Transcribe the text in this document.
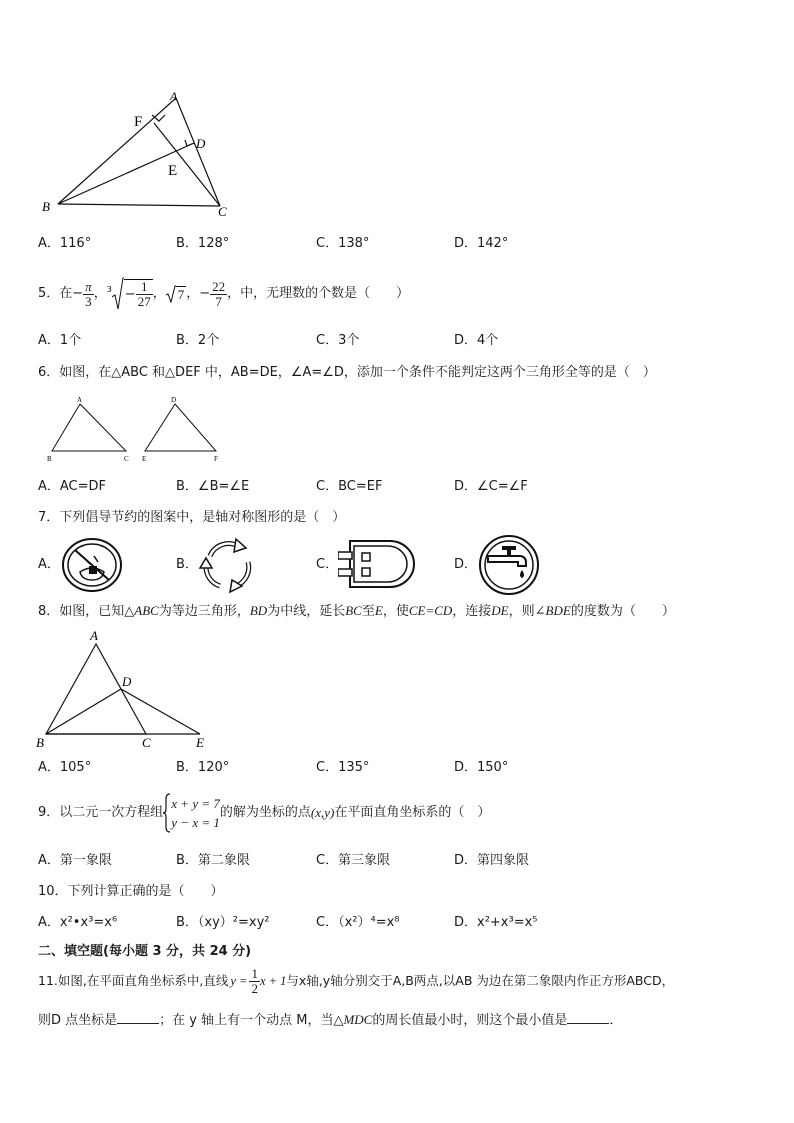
A
F
D
E
B	C
A．116°	B．128°	C．138°	D．142°
5．在− $\frac{\pi}{3}$ ， $3 - \frac{1}{27}$ ， 7 ，− $\frac{22}{7}$ ，中，无理数的个数是（　　）
A．1个	B．2个	C．3个	D．4个
6．如图，在△ABC 和△DEF 中，AB=DE，∠A=∠D，添加一个条件不能判定这两个三角形全等的是（　）
A
B	C
D
E	F
A．AC=DF	B．∠B=∠E	C．BC=EF	D．∠C=∠F
7．下列倡导节约的图案中，是轴对称图形的是（　）
A．	B．	C．	D．
8．如图，已知△ABC为等边三角形，BD为中线，延长BC至E，使CE=CD，连接DE，则∠BDE的度数为（　　）
A
D
B	C	E
A．105°	B．120°	C．135°	D．150°
9．以二元一次方程组
x + y = 7
y − x = 1
的解为坐标的点 (x,y) 在平面直角坐标系的（　）
A．第一象限	B．第二象限	C．第三象限	D．第四象限
10．下列计算正确的是（　　）
A．x²•x³=x⁶	B．（xy）²=xy²	C．（x²）⁴=x⁸	D．x²+x³=x⁵
二、填空题(每小题 3 分，共 24 分)
11.如图,在平面直角坐标系中,直线 $y = \frac{1}{2}$ x + 1 与x轴,y轴分别交于A,B两点,以AB 为边在第二象限内作正方形ABCD，
则D 点坐标是	；在 y 轴上有一个动点 M，当△MDC的周长值最小时，则这个最小值是	．
